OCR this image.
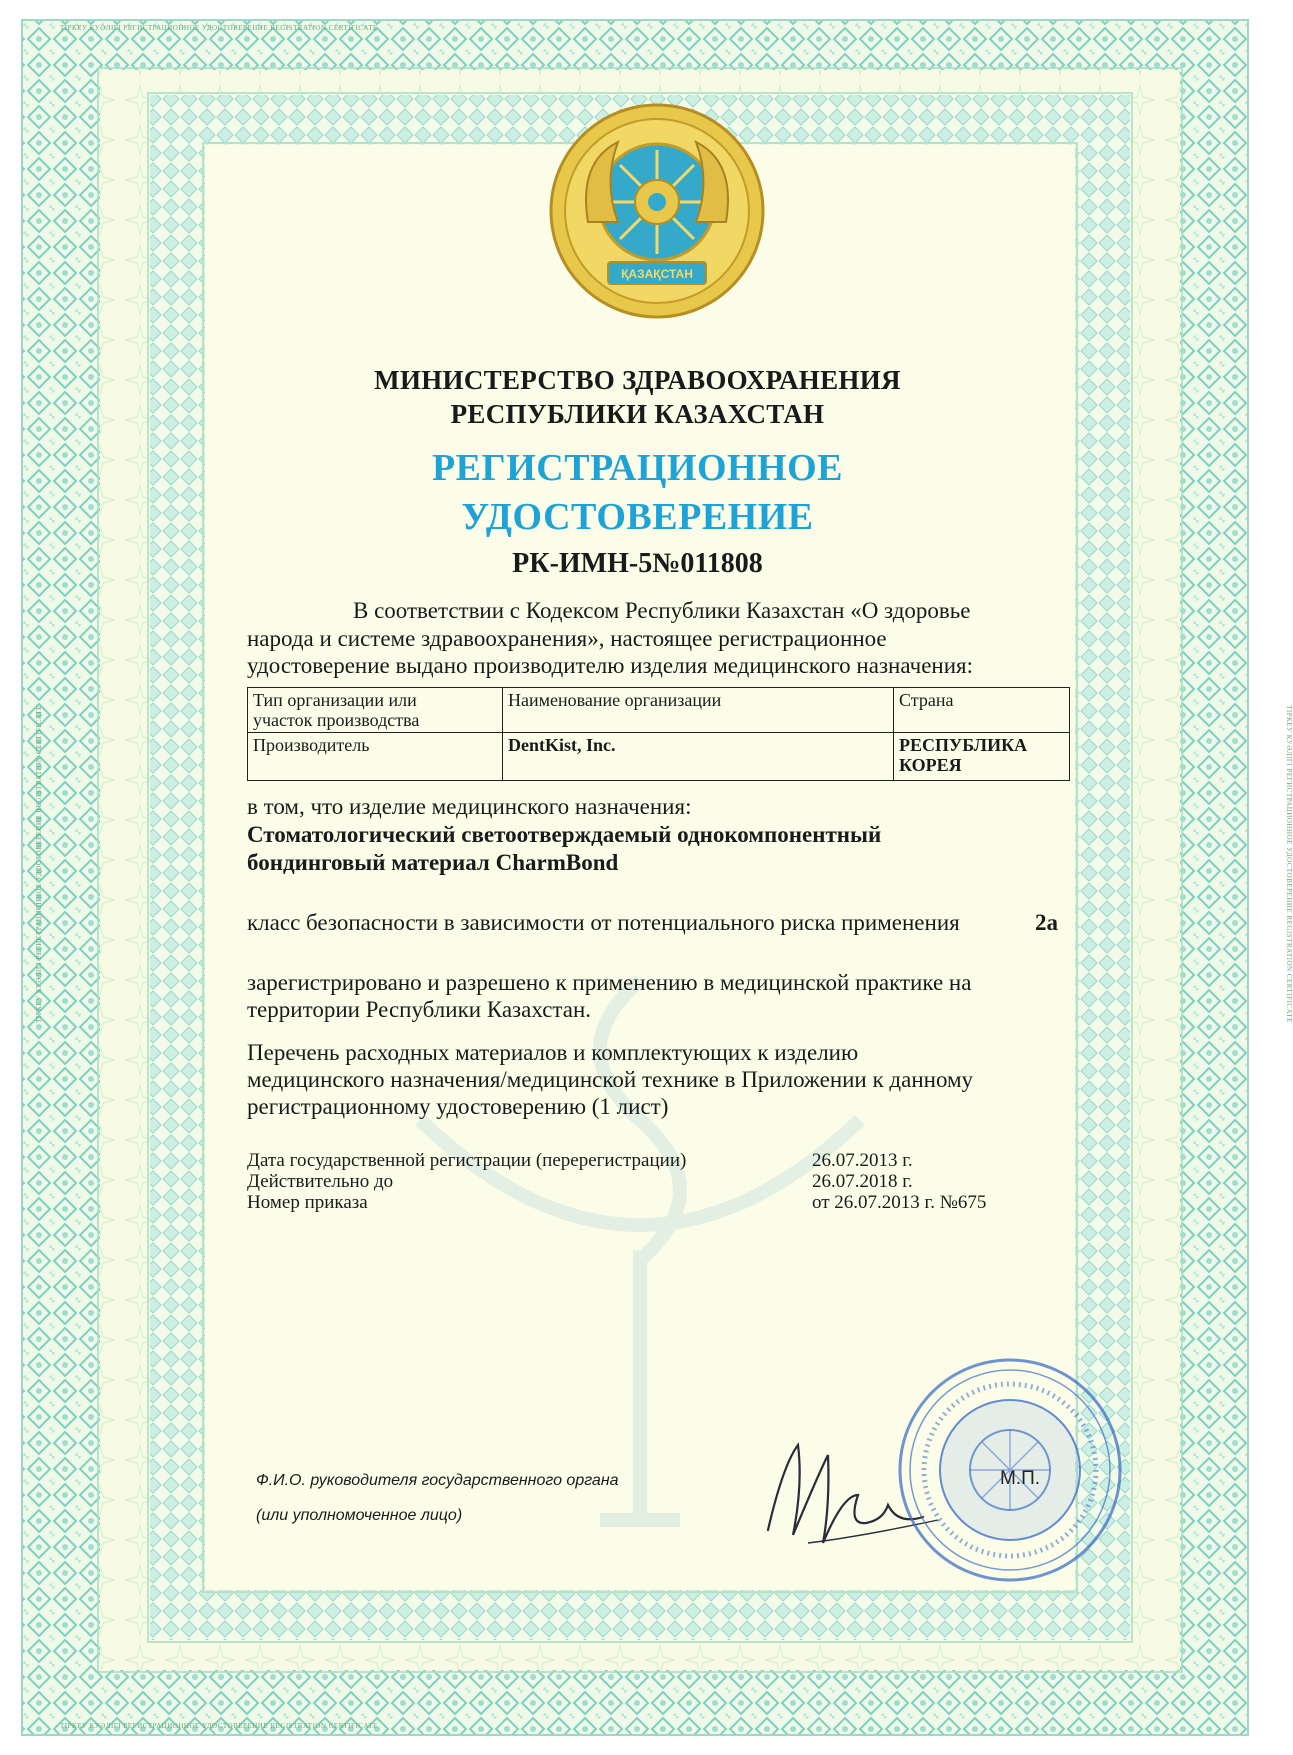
ТІРКЕУ КУӘЛІГІ РЕГИСТРАЦИОННОЕ УДОСТОВЕРЕНИЕ REGISTRATION CERTIFICATE
ТІРКЕУ КУӘЛІГІ РЕГИСТРАЦИОННОЕ УДОСТОВЕРЕНИЕ REGISTRATION CERTIFICATE
ТІРКЕУ КУӘЛІГІ РЕГИСТРАЦИОННОЕ УДОСТОВЕРЕНИЕ REGISTRATION CERTIFICATE	ТІРКЕУ КУӘЛІГІ РЕГИСТРАЦИОННОЕ УДОСТОВЕРЕНИЕ REGISTRATION CERTIFICATE
ҚАЗАҚСТАН

МИНИСТЕРСТВО ЗДРАВООХРАНЕНИЯ

РЕСПУБЛИКИ КАЗАХСТАН

РЕГИСТРАЦИОННОЕ

УДОСТОВЕРЕНИЕ

РК-ИМН-5№011808

В соответствии с Кодексом Республики Казахстан «О здоровье

народа и системе здравоохранения», настоящее регистрационное

удостоверение выдано производителю изделия медицинского назначения:

Тип организации или
участок производства	Наименование организации	Страна
Производитель	DentKist, Inc.	РЕСПУБЛИКА
КОРЕЯ

в том, что изделие медицинского назначения:

Стоматологический светоотверждаемый однокомпонентный

бондинговый материал CharmBond

класс безопасности в зависимости от потенциального риска применения	2а

зарегистрировано и разрешено к применению в медицинской практике на

территории Республики Казахстан.

Перечень расходных материалов и комплектующих к изделию

медицинского назначения/медицинской технике в Приложении к данному

регистрационному удостоверению (1 лист)

Дата государственной регистрации (перерегистрации)	26.07.2013 г.

Действительно до	26.07.2018 г.

Номер приказа	от 26.07.2013 г. №675

Ф.И.О. руководителя государственного органа

(или уполномоченное лицо)

М.П.
